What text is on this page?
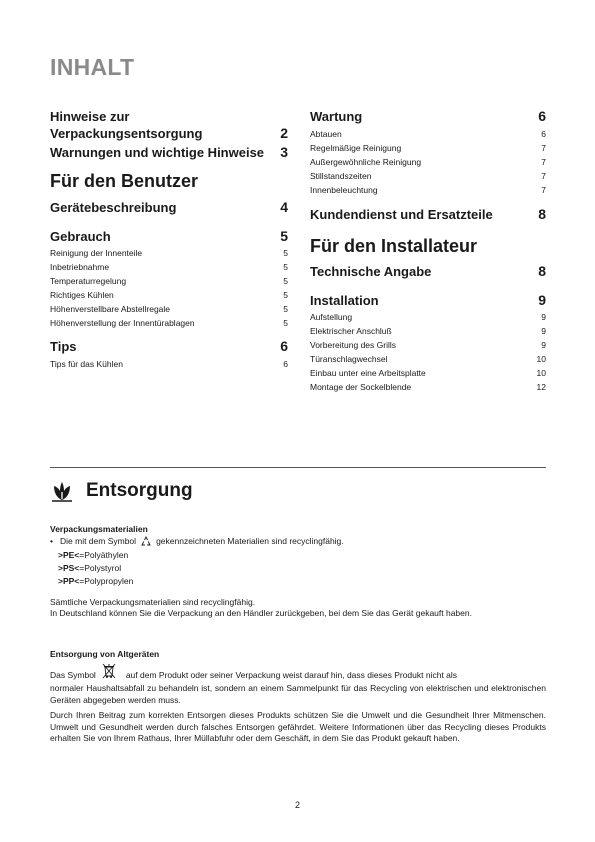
INHALT
Hinweise zur
Verpackungsentsorgung	2
Warnungen und wichtige Hinweise 3
Für den Benutzer
Gerätebeschreibung	4
Gebrauch	5
Reinigung der Innenteile	5
Inbetriebnahme	5
Temperaturregelung	5
Richtiges Kühlen	5
Höhenverstellbare Abstellregale	5
Höhenverstellung der Innentürablagen	5
Tips	6
Tips für das Kühlen	6
Wartung	6
Abtauen	6
Regelmäßige Reinigung	7
Außergewöhnliche Reinigung	7
Stillstandszeiten	7
Innenbeleuchtung	7
Kundendienst und Ersatzteile	8
Für den Installateur
Technische Angabe	8
Installation	9
Aufstellung	9
Elektrischer Anschluß	9
Vorbereitung des Grills	9
Türanschlagwechsel	10
Einbau unter eine Arbeitsplatte	10
Montage der Sockelblende	12
Entsorgung
Verpackungsmaterialien
• Die mit dem Symbol gekennzeichneten Materialien sind recyclingfähig.
>PE<=Polyäthylen
>PS<=Polystyrol
>PP<=Polypropylen
Sämtliche Verpackungsmaterialien sind recyclingfähig.
In Deutschland können Sie die Verpackung an den Händler zurückgeben, bei dem Sie das Gerät gekauft haben.
Entsorgung von Altgeräten
Das Symbol	auf dem Produkt oder seiner Verpackung weist darauf hin, dass dieses Produkt nicht als
normaler Haushaltsabfall zu behandeln ist, sondern an einem Sammelpunkt für das Recycling von elektrischen und elektronischen Geräten abgegeben werden muss.
Durch Ihren Beitrag zum korrekten Entsorgen dieses Produkts schützen Sie die Umwelt und die Gesundheit Ihrer Mitmenschen. Umwelt und Gesundheit werden durch falsches Entsorgen gefährdet. Weitere Informationen über das Recycling dieses Produkts erhalten Sie von Ihrem Rathaus, Ihrer Müllabfuhr oder dem Geschäft, in dem Sie das Produkt gekauft haben.
2
